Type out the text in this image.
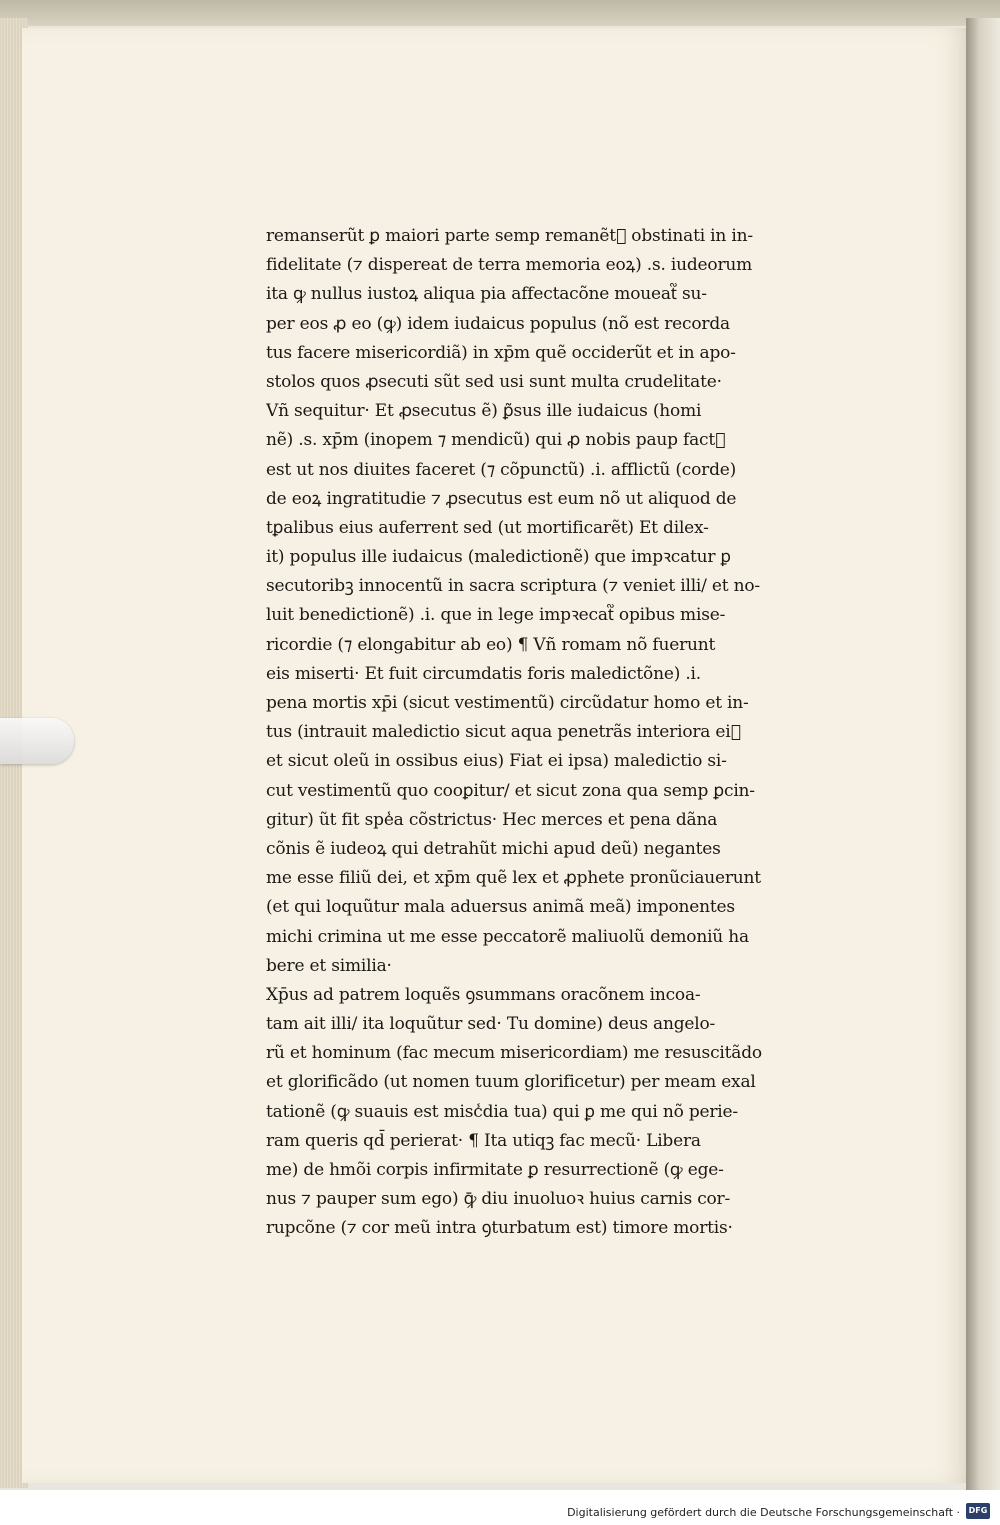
remanserũt ꝑ maiori parte semp remanẽt᷑ obstinati in in-
fidelitate (⁊ dispereat de terra memoria eoꝝ) .s. iudeorum
ita ꝙ nullus iustoꝝ aliqua pia affectacõne moueat᷑ su-
per eos ꝓ eo (ꝙ) idem iudaicus populus (nõ est recorda
tus facere misericordiã) in xp̄m quẽ occiderũt et in apo-
stolos quos ꝓsecuti sũt sed usi sunt multa crudelitate·
Vñ sequitur· Et ꝓsecutus ẽ) ꝑ͂sus ille iudaicus (homi
nẽ) .s. xp̄m (inopem ⁊ mendicũ) qui ꝓ nobis paup fact᷒
est ut nos diuites faceret (⁊ cõpunctũ) .i. afflictũ (corde)
de eoꝝ ingratitudie ⁊ ꝓsecutus est eum nõ ut aliquod de
tꝑalibus eius auferrent sed (ut mortificarẽt) Et dilex-
it) populus ille iudaicus (maledictionẽ) que impꝛcatur ꝑ
secutoribꝫ innocentũ in sacra scriptura (⁊ veniet illi/ et no-
luit benedictionẽ) .i. que in lege impꝛecat᷑ opibus mise-
ricordie (⁊ elongabitur ab eo) ¶ Vñ romam nõ fuerunt
eis miserti· Et fuit circumdatis foris maledictõne) .i.
pena mortis xp̄i (sicut vestimentũ) circũdatur homo et in-
tus (intrauit maledictio sicut aqua penetrãs interiora ei᷒
et sicut oleũ in ossibus eius) Fiat ei ipsa) maledictio si-
cut vestimentũ quo cooꝑitur/ et sicut zona qua semp ꝑcin-
gitur) ũt fit spe̾a cõstrictus· Hec merces et pena dãna
cõnis ẽ iudeoꝝ qui detrahũt michi apud deũ) negantes
me esse filiũ dei, et xp̄m quẽ lex et ꝓphete pronũciauerunt
(et qui loquũtur mala aduersus animã meã) imponentes
michi crimina ut me esse peccatorẽ maliuolũ demoniũ ha
bere et similia·
Xp̄us ad patrem loquẽs ꝯsummans oracõnem incoa-
tam ait illi/ ita loquũtur sed· Tu domine) deus angelo-
rũ et hominum (fac mecum misericordiam) me resuscitãdo
et glorificãdo (ut nomen tuum glorificetur) per meam exal
tationẽ (ꝙ suauis est misc̾dia tua) qui ꝑ me qui nõ perie-
ram queris qd̄ perierat· ¶ Ita utiqꝫ fac mecũ· Libera
me) de hmõi corpis infirmitate ꝑ resurrectionẽ (ꝙ ege-
nus ⁊ pauper sum ego) ꝙ̄ diu inuoluoꝛ huius carnis cor-
rupcõne (⁊ cor meũ intra ꝯturbatum est) timore mortis·
Digitalisierung gefördert durch die Deutsche Forschungsgemeinschaft ·	DFG
